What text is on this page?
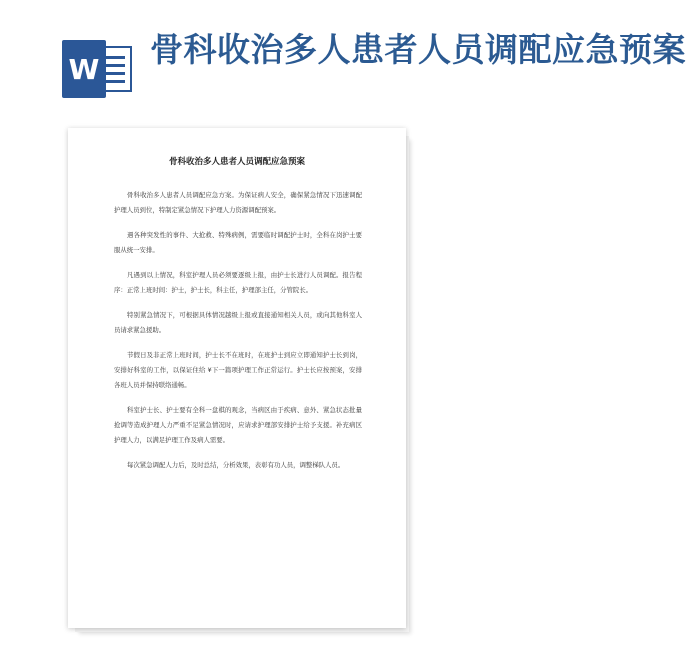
W 骨科收治多人患者人员调配应急预案
骨科收治多人患者人员调配应急预案

骨科收治多人患者人员调配应急方案。为保证病人安全，确保紧急情况下迅速调配护理人员到位，特制定紧急情况下护理人力资源调配预案。

遇各种突发性的事件、大抢救、特殊病例，需要临时调配护士时，全科在岗护士要服从统一安排。

凡遇到以上情况，科室护理人员必须要逐级上报，由护士长进行人员调配。报告程序：正常上班时间：护士，护士长，科主任，护理部主任，分管院长。

特别紧急情况下，可根据具体情况越级上报或直接通知相关人员，或向其他科室人员请求紧急援助。

节假日及非正常上班时间，护士长不在班时，在班护士到应立即通知护士长到岗，安排好科室的工作，以保证住给 ¥下一篇项护理工作正常运行。护士长应按预案，安排各班人员并保持联络通畅。

科室护士长、护士要有全科一盘棋的观念，当病区由于疾病、意外、紧急状态批量抢调等造成护理人力严重不足紧急情况时，应请求护理部安排护士给予支援。补充病区护理人力，以满足护理工作及病人需要。

每次紧急调配人力后，及时总结，分析效果，表彰有功人员，调整梯队人员。
